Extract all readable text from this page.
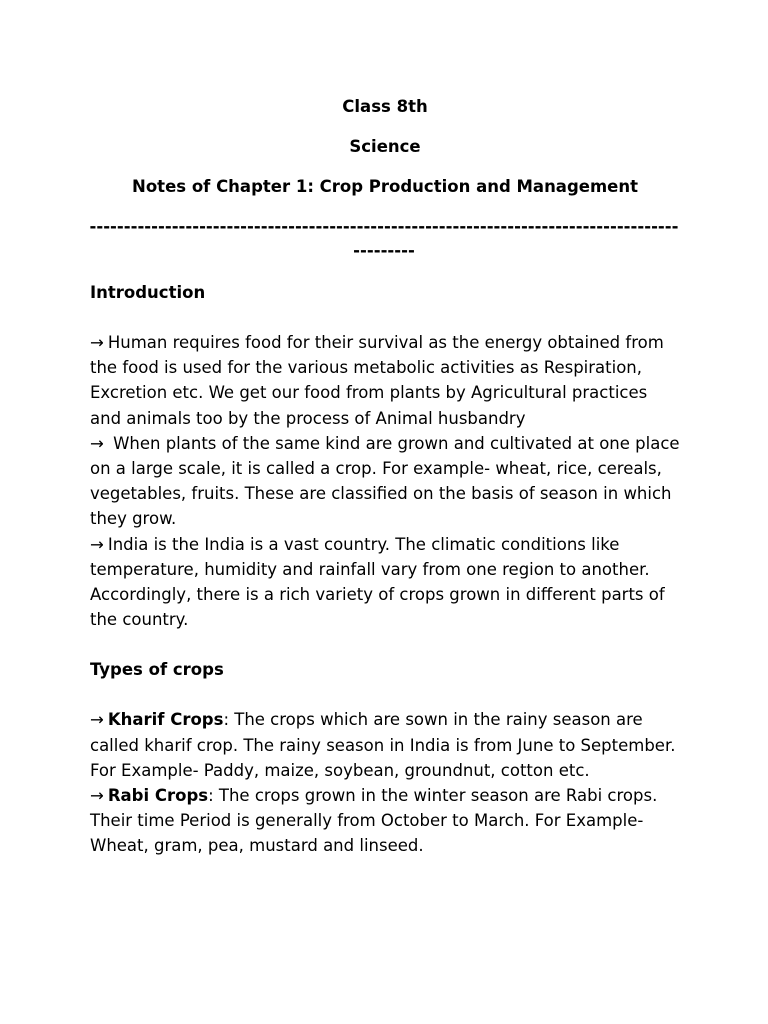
Class 8th

Science

Notes of Chapter 1: Crop Production and Management

-----------------------------------------------------------------------------------------------

Introduction

→ Human requires food for their survival as the energy obtained from the food is used for the various metabolic activities as Respiration, Excretion etc. We get our food from plants by Agricultural practices and animals too by the process of Animal husbandry

→ When plants of the same kind are grown and cultivated at one place on a large scale, it is called a crop. For example- wheat, rice, cereals, vegetables, fruits. These are classified on the basis of season in which they grow.

→ India is the India is a vast country. The climatic conditions like temperature, humidity and rainfall vary from one region to another. Accordingly, there is a rich variety of crops grown in different parts of the country.

Types of crops

→ Kharif Crops: The crops which are sown in the rainy season are called kharif crop. The rainy season in India is from June to September. For Example- Paddy, maize, soybean, groundnut, cotton etc.

→ Rabi Crops: The crops grown in the winter season are Rabi crops. Their time Period is generally from October to March. For Example- Wheat, gram, pea, mustard and linseed.
